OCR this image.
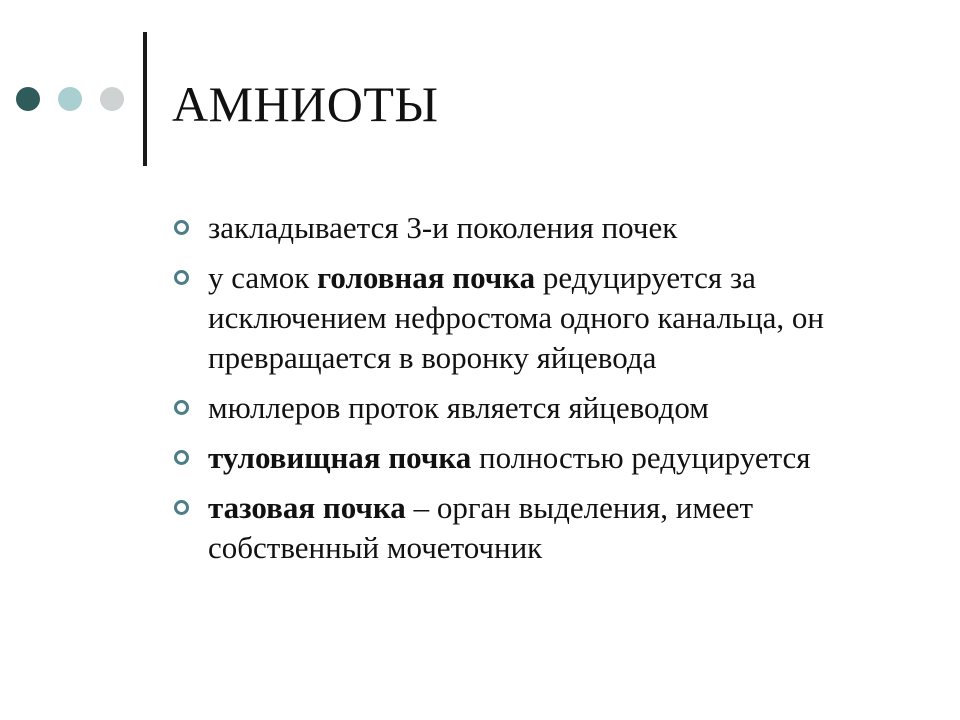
АМНИОТЫ
закладывается 3-и поколения почек
у самок головная почка редуцируется за исключением нефростома одного канальца, он превращается в воронку яйцевода
мюллеров проток является яйцеводом
туловищная почка полностью редуцируется
тазовая почка – орган выделения, имеет собственный мочеточник
